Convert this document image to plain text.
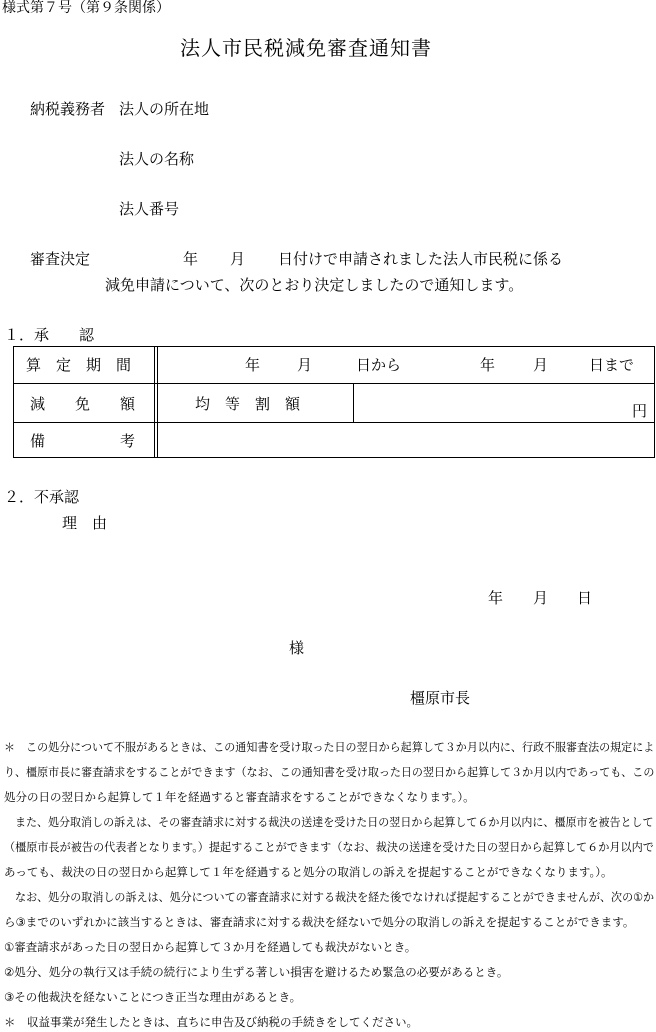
様式第７号（第９条関係）
法人市民税減免審査通知書
納税義務者 法人の所在地
法人の名称
法人番号
審査決定	年 月 日付けで申請されました法人市民税に係る
減免申請について、次のとおり決定しましたので通知します。
１．承　　認
算　定　期　間	年 月	日から	年	月	日まで
減　　免　　額	均　等　割　額	円
備　　　　　考
２．不承認
理　由
年 月 日
様
橿原市長
＊　この処分について不服があるときは、この通知書を受け取った日の翌日から起算して３か月以内に、行政不服審査法の規定によ
り、橿原市長に審査請求をすることができます（なお、この通知書を受け取った日の翌日から起算して３か月以内であっても、この
処分の日の翌日から起算して１年を経過すると審査請求をすることができなくなります。）。
　また、処分取消しの訴えは、その審査請求に対する裁決の送達を受けた日の翌日から起算して６か月以内に、橿原市を被告として
（橿原市長が被告の代表者となります。）提起することができます（なお、裁決の送達を受けた日の翌日から起算して６か月以内で
あっても、裁決の日の翌日から起算して１年を経過すると処分の取消しの訴えを提起することができなくなります。）。
　なお、処分の取消しの訴えは、処分についての審査請求に対する裁決を経た後でなければ提起することができませんが、次の①か
ら③までのいずれかに該当するときは、審査請求に対する裁決を経ないで処分の取消しの訴えを提起することができます。
①審査請求があった日の翌日から起算して３か月を経過しても裁決がないとき。
②処分、処分の執行又は手続の続行により生ずる著しい損害を避けるため緊急の必要があるとき。
③その他裁決を経ないことにつき正当な理由があるとき。
＊　収益事業が発生したときは、直ちに申告及び納税の手続きをしてください。
